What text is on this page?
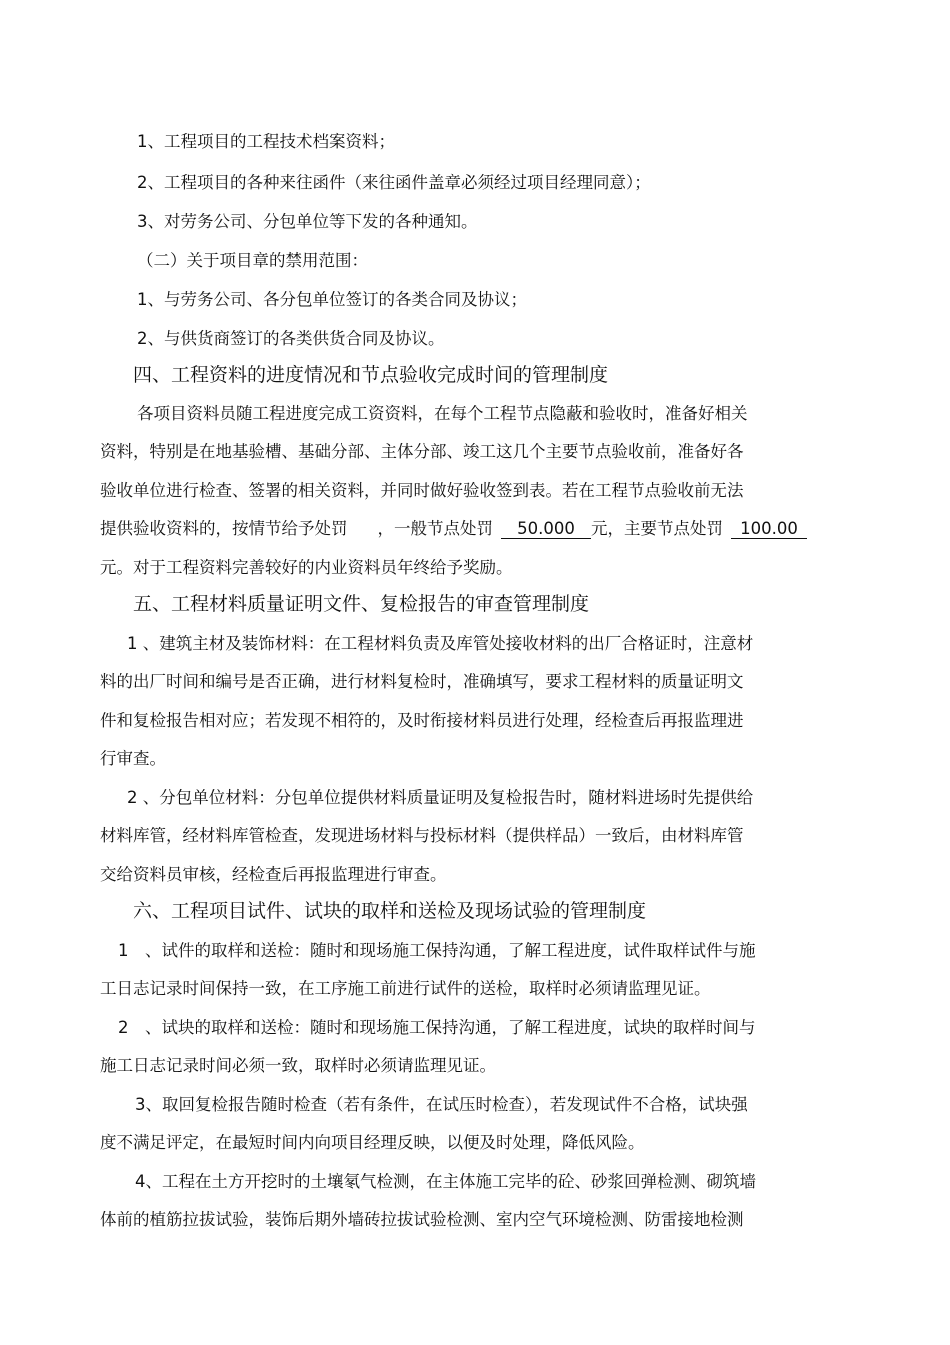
1、工程项目的工程技术档案资料；
2、工程项目的各种来往函件（来往函件盖章必须经过项目经理同意）；
3、对劳务公司、分包单位等下发的各种通知。
（二）关于项目章的禁用范围：
1、与劳务公司、各分包单位签订的各类合同及协议；
2、与供货商签订的各类供货合同及协议。
四、工程资料的进度情况和节点验收完成时间的管理制度
各项目资料员随工程进度完成工资资料，在每个工程节点隐蔽和验收时，准备好相关
资料，特别是在地基验槽、基础分部、主体分部、竣工这几个主要节点验收前，准备好各
验收单位进行检查、签署的相关资料，并同时做好验收签到表。若在工程节点验收前无法
提供验收资料的，按情节给予处罚 ，一般节点处罚 50.000 元，主要节点处罚 100.00
元。对于工程资料完善较好的内业资料员年终给予奖励。
五、工程材料质量证明文件、复检报告的审查管理制度
1 、建筑主材及装饰材料：在工程材料负责及库管处接收材料的出厂合格证时，注意材
料的出厂时间和编号是否正确，进行材料复检时，准确填写，要求工程材料的质量证明文
件和复检报告相对应；若发现不相符的，及时衔接材料员进行处理，经检查后再报监理进
行审查。
2 、分包单位材料：分包单位提供材料质量证明及复检报告时，随材料进场时先提供给
材料库管，经材料库管检查，发现进场材料与投标材料（提供样品）一致后，由材料库管
交给资料员审核，经检查后再报监理进行审查。
六、工程项目试件、试块的取样和送检及现场试验的管理制度
1　、试件的取样和送检：随时和现场施工保持沟通，了解工程进度，试件取样试件与施
工日志记录时间保持一致，在工序施工前进行试件的送检，取样时必须请监理见证。
2　、试块的取样和送检：随时和现场施工保持沟通，了解工程进度，试块的取样时间与
施工日志记录时间必须一致，取样时必须请监理见证。
3、取回复检报告随时检查（若有条件，在试压时检查），若发现试件不合格，试块强
度不满足评定，在最短时间内向项目经理反映，以便及时处理，降低风险。
4、工程在土方开挖时的土壤氡气检测，在主体施工完毕的砼、砂浆回弹检测、砌筑墙
体前的植筋拉拔试验，装饰后期外墙砖拉拔试验检测、室内空气环境检测、防雷接地检测
